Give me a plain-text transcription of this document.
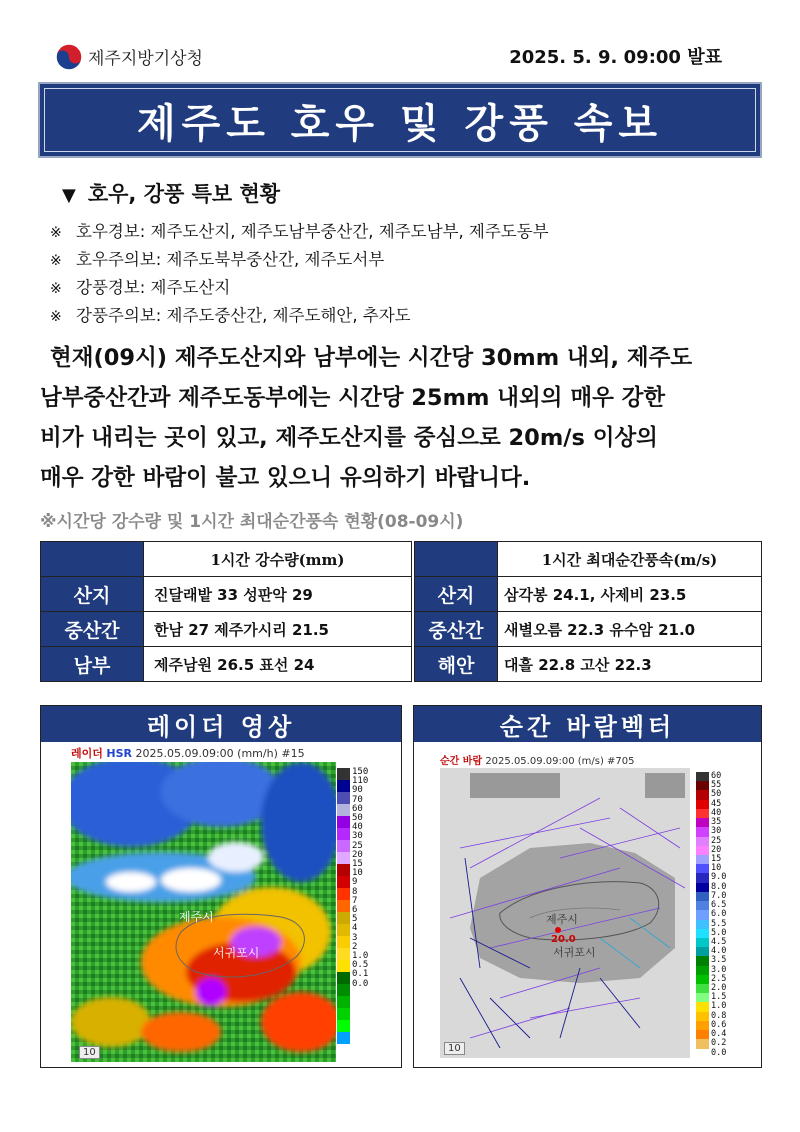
제주지방기상청	2025. 5. 9. 09:00 발표
제주도 호우 및 강풍 속보
▼ 호우, 강풍 특보 현황
※ 호우경보: 제주도산지, 제주도남부중산간, 제주도남부, 제주도동부
※ 호우주의보: 제주도북부중산간, 제주도서부
※ 강풍경보: 제주도산지
※ 강풍주의보: 제주도중산간, 제주도해안, 추자도
현재(09시) 제주도산지와 남부에는 시간당 30mm 내외, 제주도
남부중산간과 제주도동부에는 시간당 25mm 내외의 매우 강한
비가 내리는 곳이 있고, 제주도산지를 중심으로 20m/s 이상의
매우 강한 바람이 불고 있으니 유의하기 바랍니다.
※시간당 강수량 및 1시간 최대순간풍속 현황(08-09시)
	1시간 강수량(mm)
산지	진달래밭 33 성판악 29
중산간	한남 27 제주가시리 21.5
남부	제주남원 26.5 표선 24
	1시간 최대순간풍속(m/s)
산지	삼각봉 24.1, 사제비 23.5
중산간	새별오름 22.3 유수암 21.0
해안	대흘 22.8 고산 22.3
레이더 영상
레이더 HSR 2025.05.09.09:00 (mm/h) #15
제주시
서귀포시
10
150
110
90
70
60
50
40
30
25
20
15
10
9
8
7
6
5
4
3
2
1.0
0.5
0.1
0.0
순간 바람벡터
순간 바람 2025.05.09.09:00 (m/s) #705
제주시
서귀포시
20.0
10
60
55
50
45
40
35
30
25
20
15
10
9.0
8.0
7.0
6.5
6.0
5.5
5.0
4.5
4.0
3.5
3.0
2.5
2.0
1.5
1.0
0.8
0.6
0.4
0.2
0.0
